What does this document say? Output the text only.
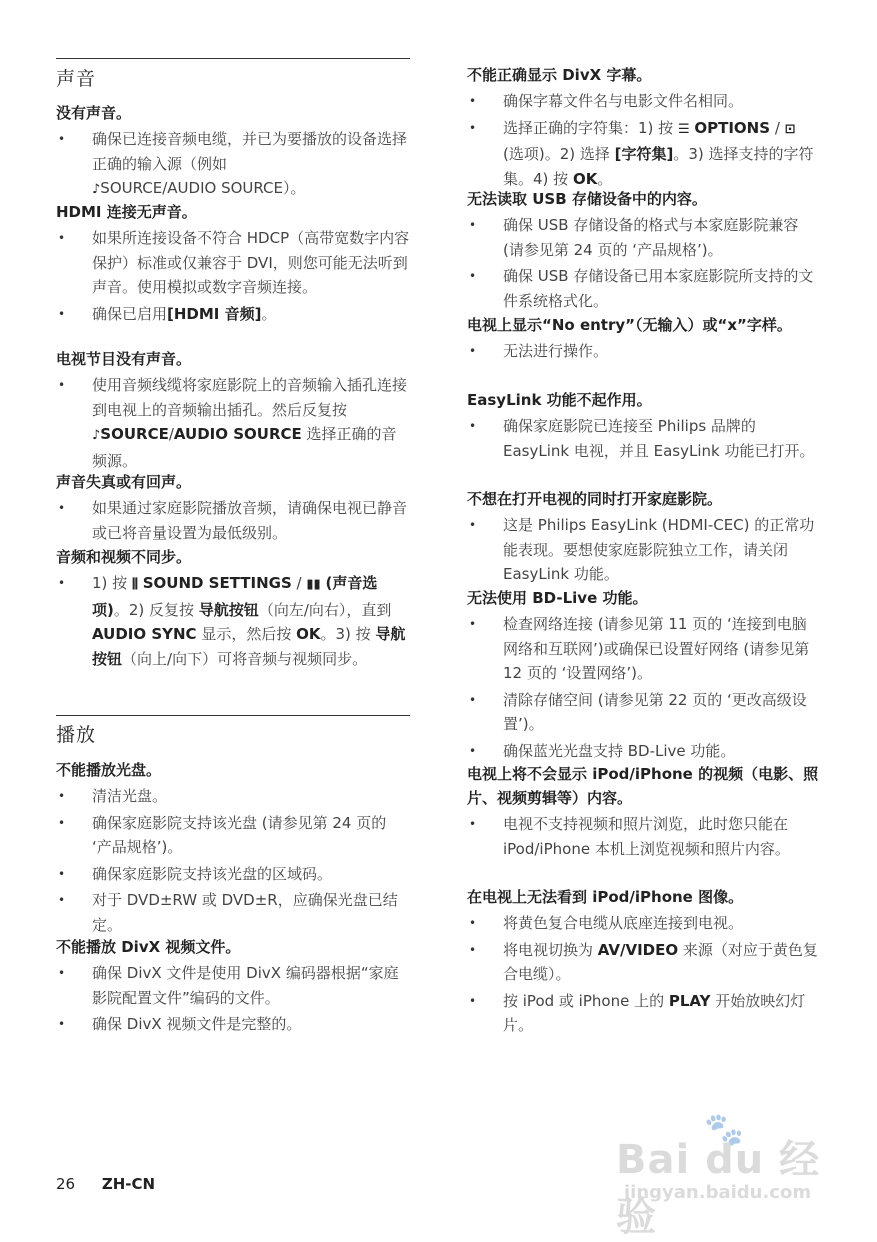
声音

没有声音。

• 确保已连接音频电缆，并已为要播放的设备选择正确的输入源（例如
♪SOURCE/AUDIO SOURCE）。

HDMI 连接无声音。

• 如果所连接设备不符合 HDCP（高带宽数字内容保护）标准或仅兼容于 DVI，则您可能无法听到声音。使用模拟或数字音频连接。
• 确保已启用[HDMI 音频]。

电视节目没有声音。

• 使用音频线缆将家庭影院上的音频输入插孔连接到电视上的音频输出插孔。然后反复按 ♪SOURCE/AUDIO SOURCE 选择正确的音频源。

声音失真或有回声。

• 如果通过家庭影院播放音频，请确保电视已静音或已将音量设置为最低级别。

音频和视频不同步。

• 1) 按 ⫼ SOUND SETTINGS / ▮▮ (声音选项)。2) 反复按 导航按钮（向左/向右），直到 AUDIO SYNC 显示，然后按 OK。3) 按 导航按钮（向上/向下）可将音频与视频同步。
播放

不能播放光盘。

• 清洁光盘。
• 确保家庭影院支持该光盘 (请参见第 24 页的 ‘产品规格’)。
• 确保家庭影院支持该光盘的区域码。
• 对于 DVD±RW 或 DVD±R，应确保光盘已结定。

不能播放 DivX 视频文件。

• 确保 DivX 文件是使用 DivX 编码器根据“家庭影院配置文件”编码的文件。
• 确保 DivX 视频文件是完整的。

不能正确显示 DivX 字幕。

• 确保字幕文件名与电影文件名相同。
• 选择正确的字符集：1) 按 ☰ OPTIONS / ⊡ (选项)。2) 选择 [字符集]。3) 选择支持的字符集。4) 按 OK。

无法读取 USB 存储设备中的内容。

• 确保 USB 存储设备的格式与本家庭影院兼容 (请参见第 24 页的 ‘产品规格’)。
• 确保 USB 存储设备已用本家庭影院所支持的文件系统格式化。

电视上显示“No entry”（无输入）或“x”字样。

• 无法进行操作。

EasyLink 功能不起作用。

• 确保家庭影院已连接至 Philips 品牌的 EasyLink 电视，并且 EasyLink 功能已打开。

不想在打开电视的同时打开家庭影院。

• 这是 Philips EasyLink (HDMI-CEC) 的正常功能表现。要想使家庭影院独立工作，请关闭 EasyLink 功能。

无法使用 BD-Live 功能。

• 检查网络连接 (请参见第 11 页的 ‘连接到电脑网络和互联网’)或确保已设置好网络 (请参见第 12 页的 ‘设置网络’)。
• 清除存储空间 (请参见第 22 页的 ‘更改高级设置’)。
• 确保蓝光光盘支持 BD-Live 功能。

电视上将不会显示 iPod/iPhone 的视频（电影、照片、视频剪辑等）内容。

• 电视不支持视频和照片浏览，此时您只能在 iPod/iPhone 本机上浏览视频和照片内容。

在电视上无法看到 iPod/iPhone 图像。

• 将黄色复合电缆从底座连接到电视。
• 将电视切换为 AV/VIDEO 来源（对应于黄色复合电缆）。
• 按 iPod 或 iPhone 上的 PLAY 开始放映幻灯片。
26 ZH-CN
🐾
Bai du 经验
jingyan.baidu.com
